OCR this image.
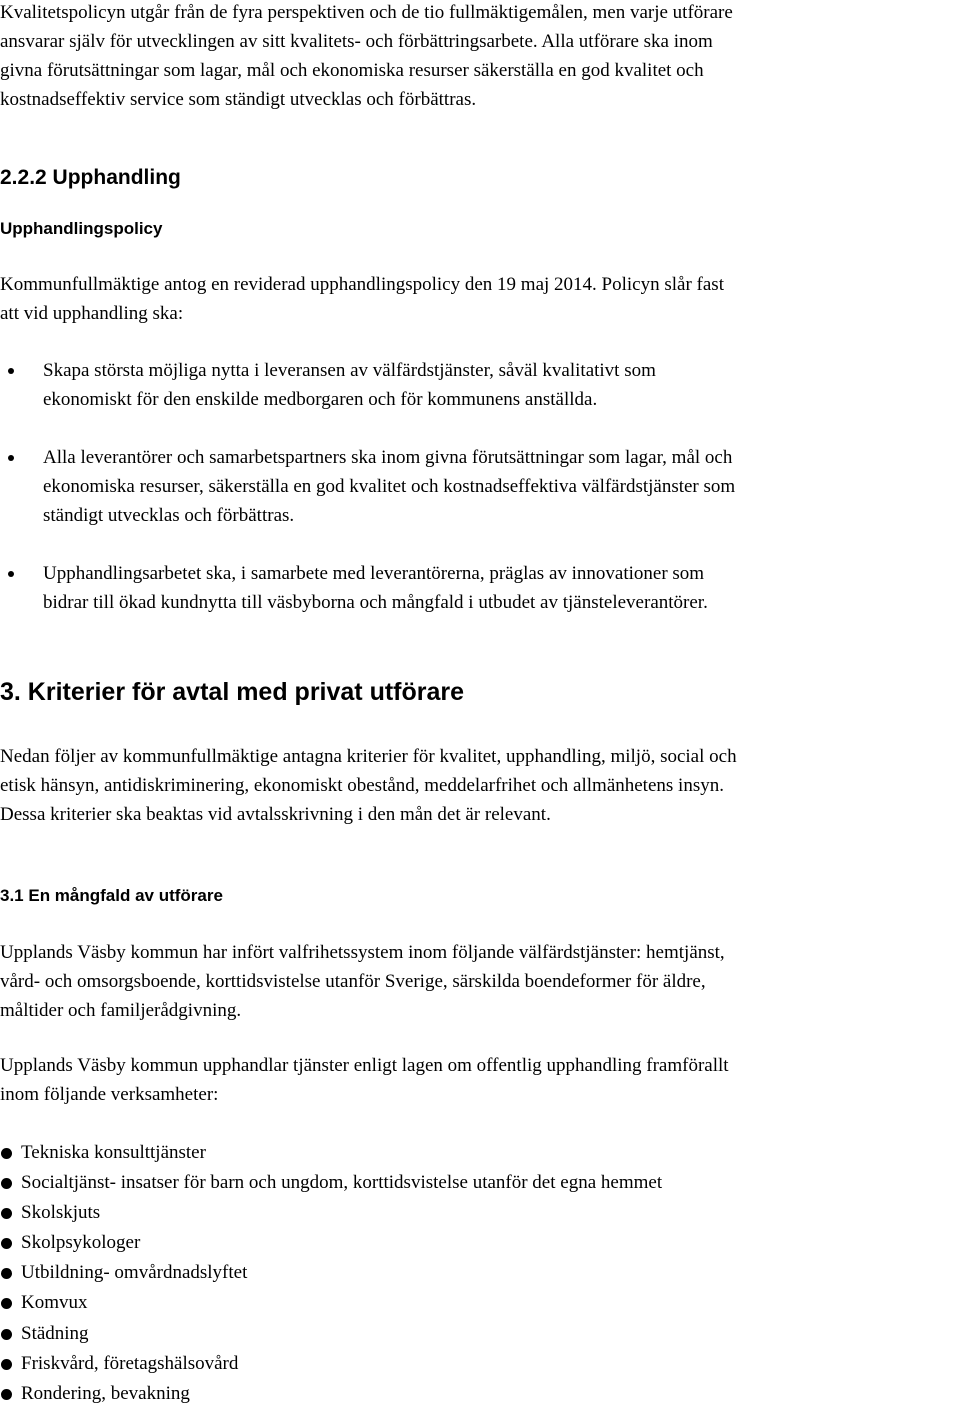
Kvalitetspolicyn utgår från de fyra perspektiven och de tio fullmäktigemålen, men varje utförare
ansvarar själv för utvecklingen av sitt kvalitets- och förbättringsarbete. Alla utförare ska inom
givna förutsättningar som lagar, mål och ekonomiska resurser säkerställa en god kvalitet och
kostnadseffektiv service som ständigt utvecklas och förbättras.

2.2.2 Upphandling
Upphandlingspolicy

Kommunfullmäktige antog en reviderad upphandlingspolicy den 19 maj 2014. Policyn slår fast
att vid upphandling ska:

Skapa största möjliga nytta i leveransen av välfärdstjänster, såväl kvalitativt som
ekonomiskt för den enskilde medborgaren och för kommunens anställda.
Alla leverantörer och samarbetspartners ska inom givna förutsättningar som lagar, mål och
ekonomiska resurser, säkerställa en god kvalitet och kostnadseffektiva välfärdstjänster som
ständigt utvecklas och förbättras.
Upphandlingsarbetet ska, i samarbete med leverantörerna, präglas av innovationer som
bidrar till ökad kundnytta till väsbyborna och mångfald i utbudet av tjänsteleverantörer.
3. Kriterier för avtal med privat utförare

Nedan följer av kommunfullmäktige antagna kriterier för kvalitet, upphandling, miljö, social och
etisk hänsyn, antidiskriminering, ekonomiskt obestånd, meddelarfrihet och allmänhetens insyn.
Dessa kriterier ska beaktas vid avtalsskrivning i den mån det är relevant.

3.1 En mångfald av utförare

Upplands Väsby kommun har infört valfrihetssystem inom följande välfärdstjänster: hemtjänst,
vård- och omsorgsboende, korttidsvistelse utanför Sverige, särskilda boendeformer för äldre,
måltider och familjerådgivning.

Upplands Väsby kommun upphandlar tjänster enligt lagen om offentlig upphandling framförallt
inom följande verksamheter:

Tekniska konsulttjänster
Socialtjänst- insatser för barn och ungdom, korttidsvistelse utanför det egna hemmet
Skolskjuts
Skolpsykologer
Utbildning- omvårdnadslyftet
Komvux
Städning
Friskvård, företagshälsovård
Rondering, bevakning
